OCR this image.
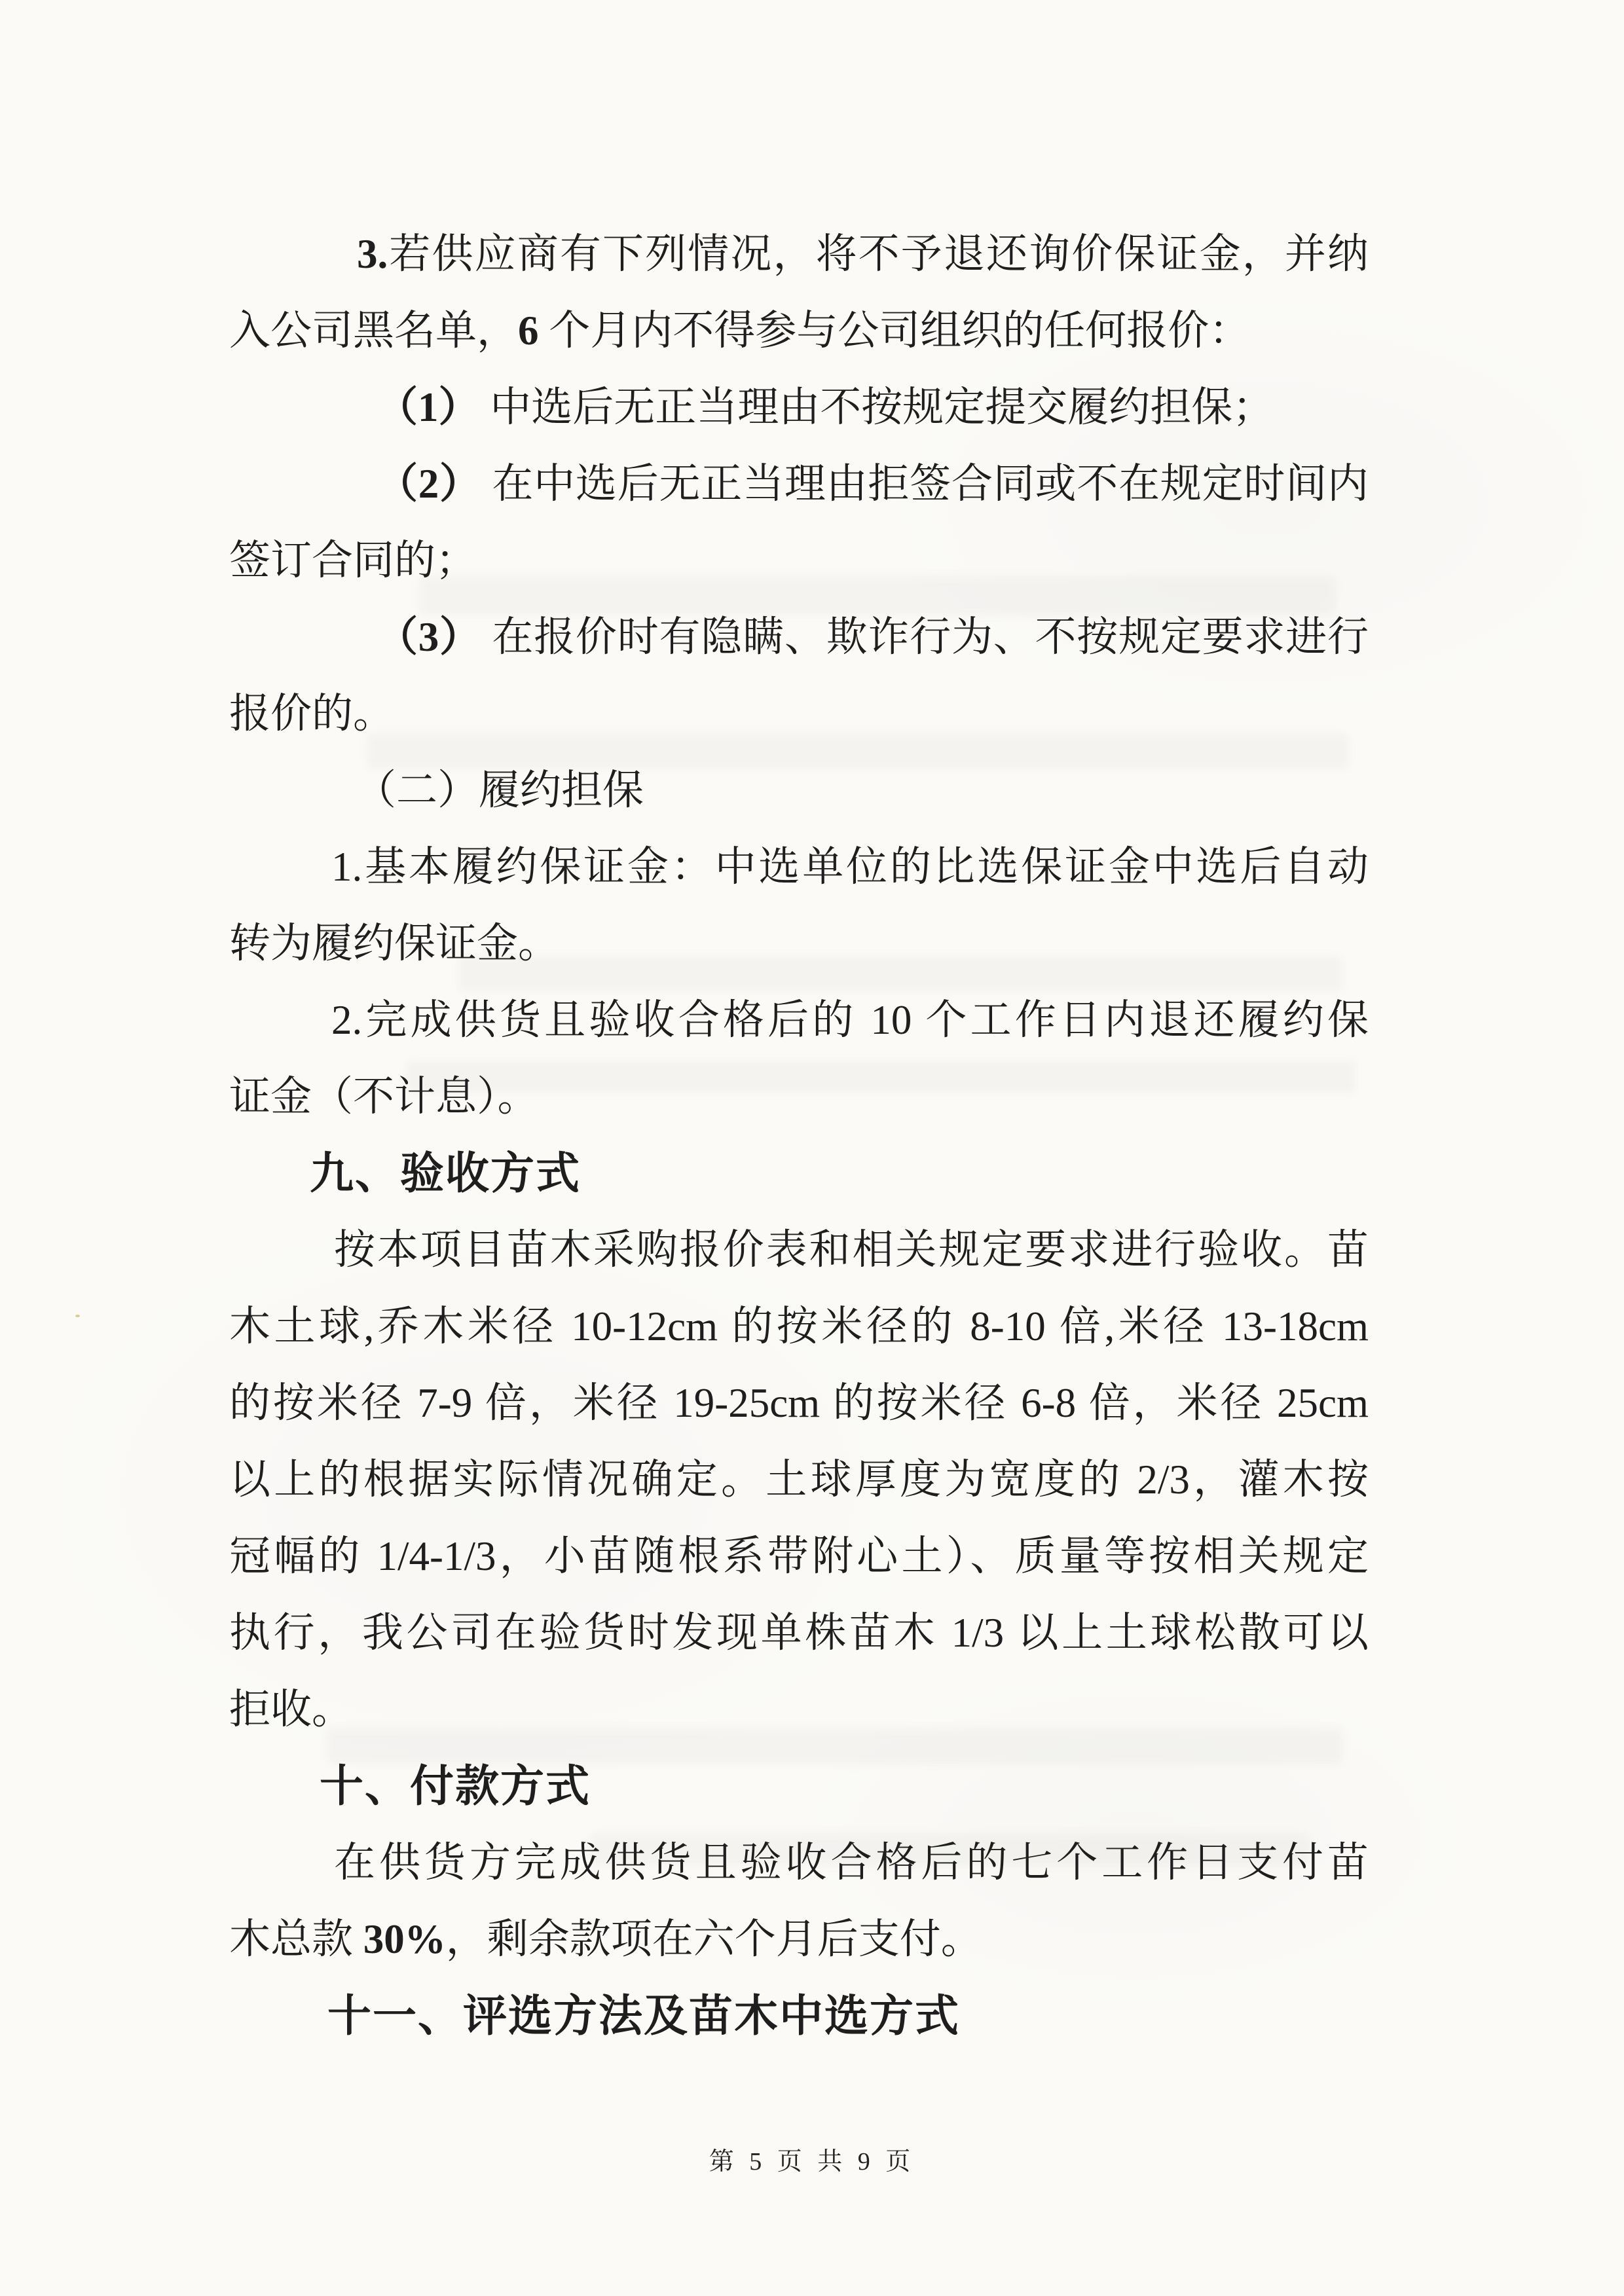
3.若供应商有下列情况，将不予退还询价保证金，并纳
入公司黑名单，6 个月内不得参与公司组织的任何报价：
（1） 中选后无正当理由不按规定提交履约担保；
（2） 在中选后无正当理由拒签合同或不在规定时间内
签订合同的；
（3） 在报价时有隐瞒、欺诈行为、不按规定要求进行
报价的。
（二）履约担保
1.基本履约保证金：中选单位的比选保证金中选后自动
转为履约保证金。
2.完成供货且验收合格后的 10 个工作日内退还履约保
证金（不计息）。
九、验收方式
按本项目苗木采购报价表和相关规定要求进行验收。苗
木土球,乔木米径 10-12cm 的按米径的 8-10 倍,米径 13-18cm
的按米径 7-9 倍，米径 19-25cm 的按米径 6-8 倍，米径 25cm
以上的根据实际情况确定。土球厚度为宽度的 2/3，灌木按
冠幅的 1/4-1/3，小苗随根系带附心土）、质量等按相关规定
执行，我公司在验货时发现单株苗木 1/3 以上土球松散可以
拒收。
十、付款方式
在供货方完成供货且验收合格后的七个工作日支付苗
木总款 30%，剩余款项在六个月后支付。
十一、评选方法及苗木中选方式
第 5 页 共 9 页
